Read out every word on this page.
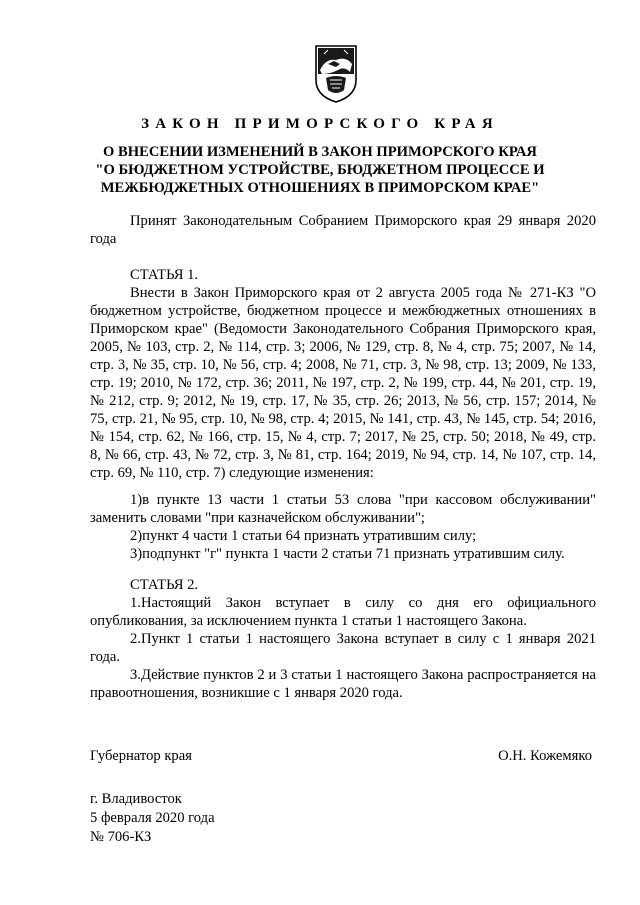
ЗАКОН ПРИМОРСКОГО КРАЯ
О ВНЕСЕНИИ ИЗМЕНЕНИЙ В ЗАКОН ПРИМОРСКОГО КРАЯ
"О БЮДЖЕТНОМ УСТРОЙСТВЕ, БЮДЖЕТНОМ ПРОЦЕССЕ И
МЕЖБЮДЖЕТНЫХ ОТНОШЕНИЯХ В ПРИМОРСКОМ КРАЕ"
Принят Законодательным Собранием Приморского края 29 января 2020 года
СТАТЬЯ 1.
Внести в Закон Приморского края от 2 августа 2005 года № 271-КЗ "О бюджетном устройстве, бюджетном процессе и межбюджетных отношениях в Приморском крае" (Ведомости Законодательного Собрания Приморского края, 2005, № 103, стр. 2, № 114, стр. 3; 2006, № 129, стр. 8, № 4, стр. 75; 2007, № 14, стр. 3, № 35, стр. 10, № 56, стр. 4; 2008, № 71, стр. 3, № 98, стр. 13; 2009, № 133, стр. 19; 2010, № 172, стр. 36; 2011, № 197, стр. 2, № 199, стр. 44, № 201, стр. 19, № 212, стр. 9; 2012, № 19, стр. 17, № 35, стр. 26; 2013, № 56, стр. 157; 2014, № 75, стр. 21, № 95, стр. 10, № 98, стр. 4; 2015, № 141, стр. 43, № 145, стр. 54; 2016, № 154, стр. 62, № 166, стр. 15, № 4, стр. 7; 2017, № 25, стр. 50; 2018, № 49, стр. 8, № 66, стр. 43, № 72, стр. 3, № 81, стр. 164; 2019, № 94, стр. 14, № 107, стр. 14, стр. 69, № 110, стр. 7) следующие изменения:
1)в пункте 13 части 1 статьи 53 слова "при кассовом обслуживании" заменить словами "при казначейском обслуживании";
2)пункт 4 части 1 статьи 64 признать утратившим силу;
3)подпункт "г" пункта 1 части 2 статьи 71 признать утратившим силу.
СТАТЬЯ 2.
1.Настоящий Закон вступает в силу со дня его официального опубликования, за исключением пункта 1 статьи 1 настоящего Закона.
2.Пункт 1 статьи 1 настоящего Закона вступает в силу с 1 января 2021 года.
3.Действие пунктов 2 и 3 статьи 1 настоящего Закона распространяется на правоотношения, возникшие с 1 января 2020 года.
Губернатор края	О.Н. Кожемяко
г. Владивосток
5 февраля 2020 года
№ 706-КЗ
